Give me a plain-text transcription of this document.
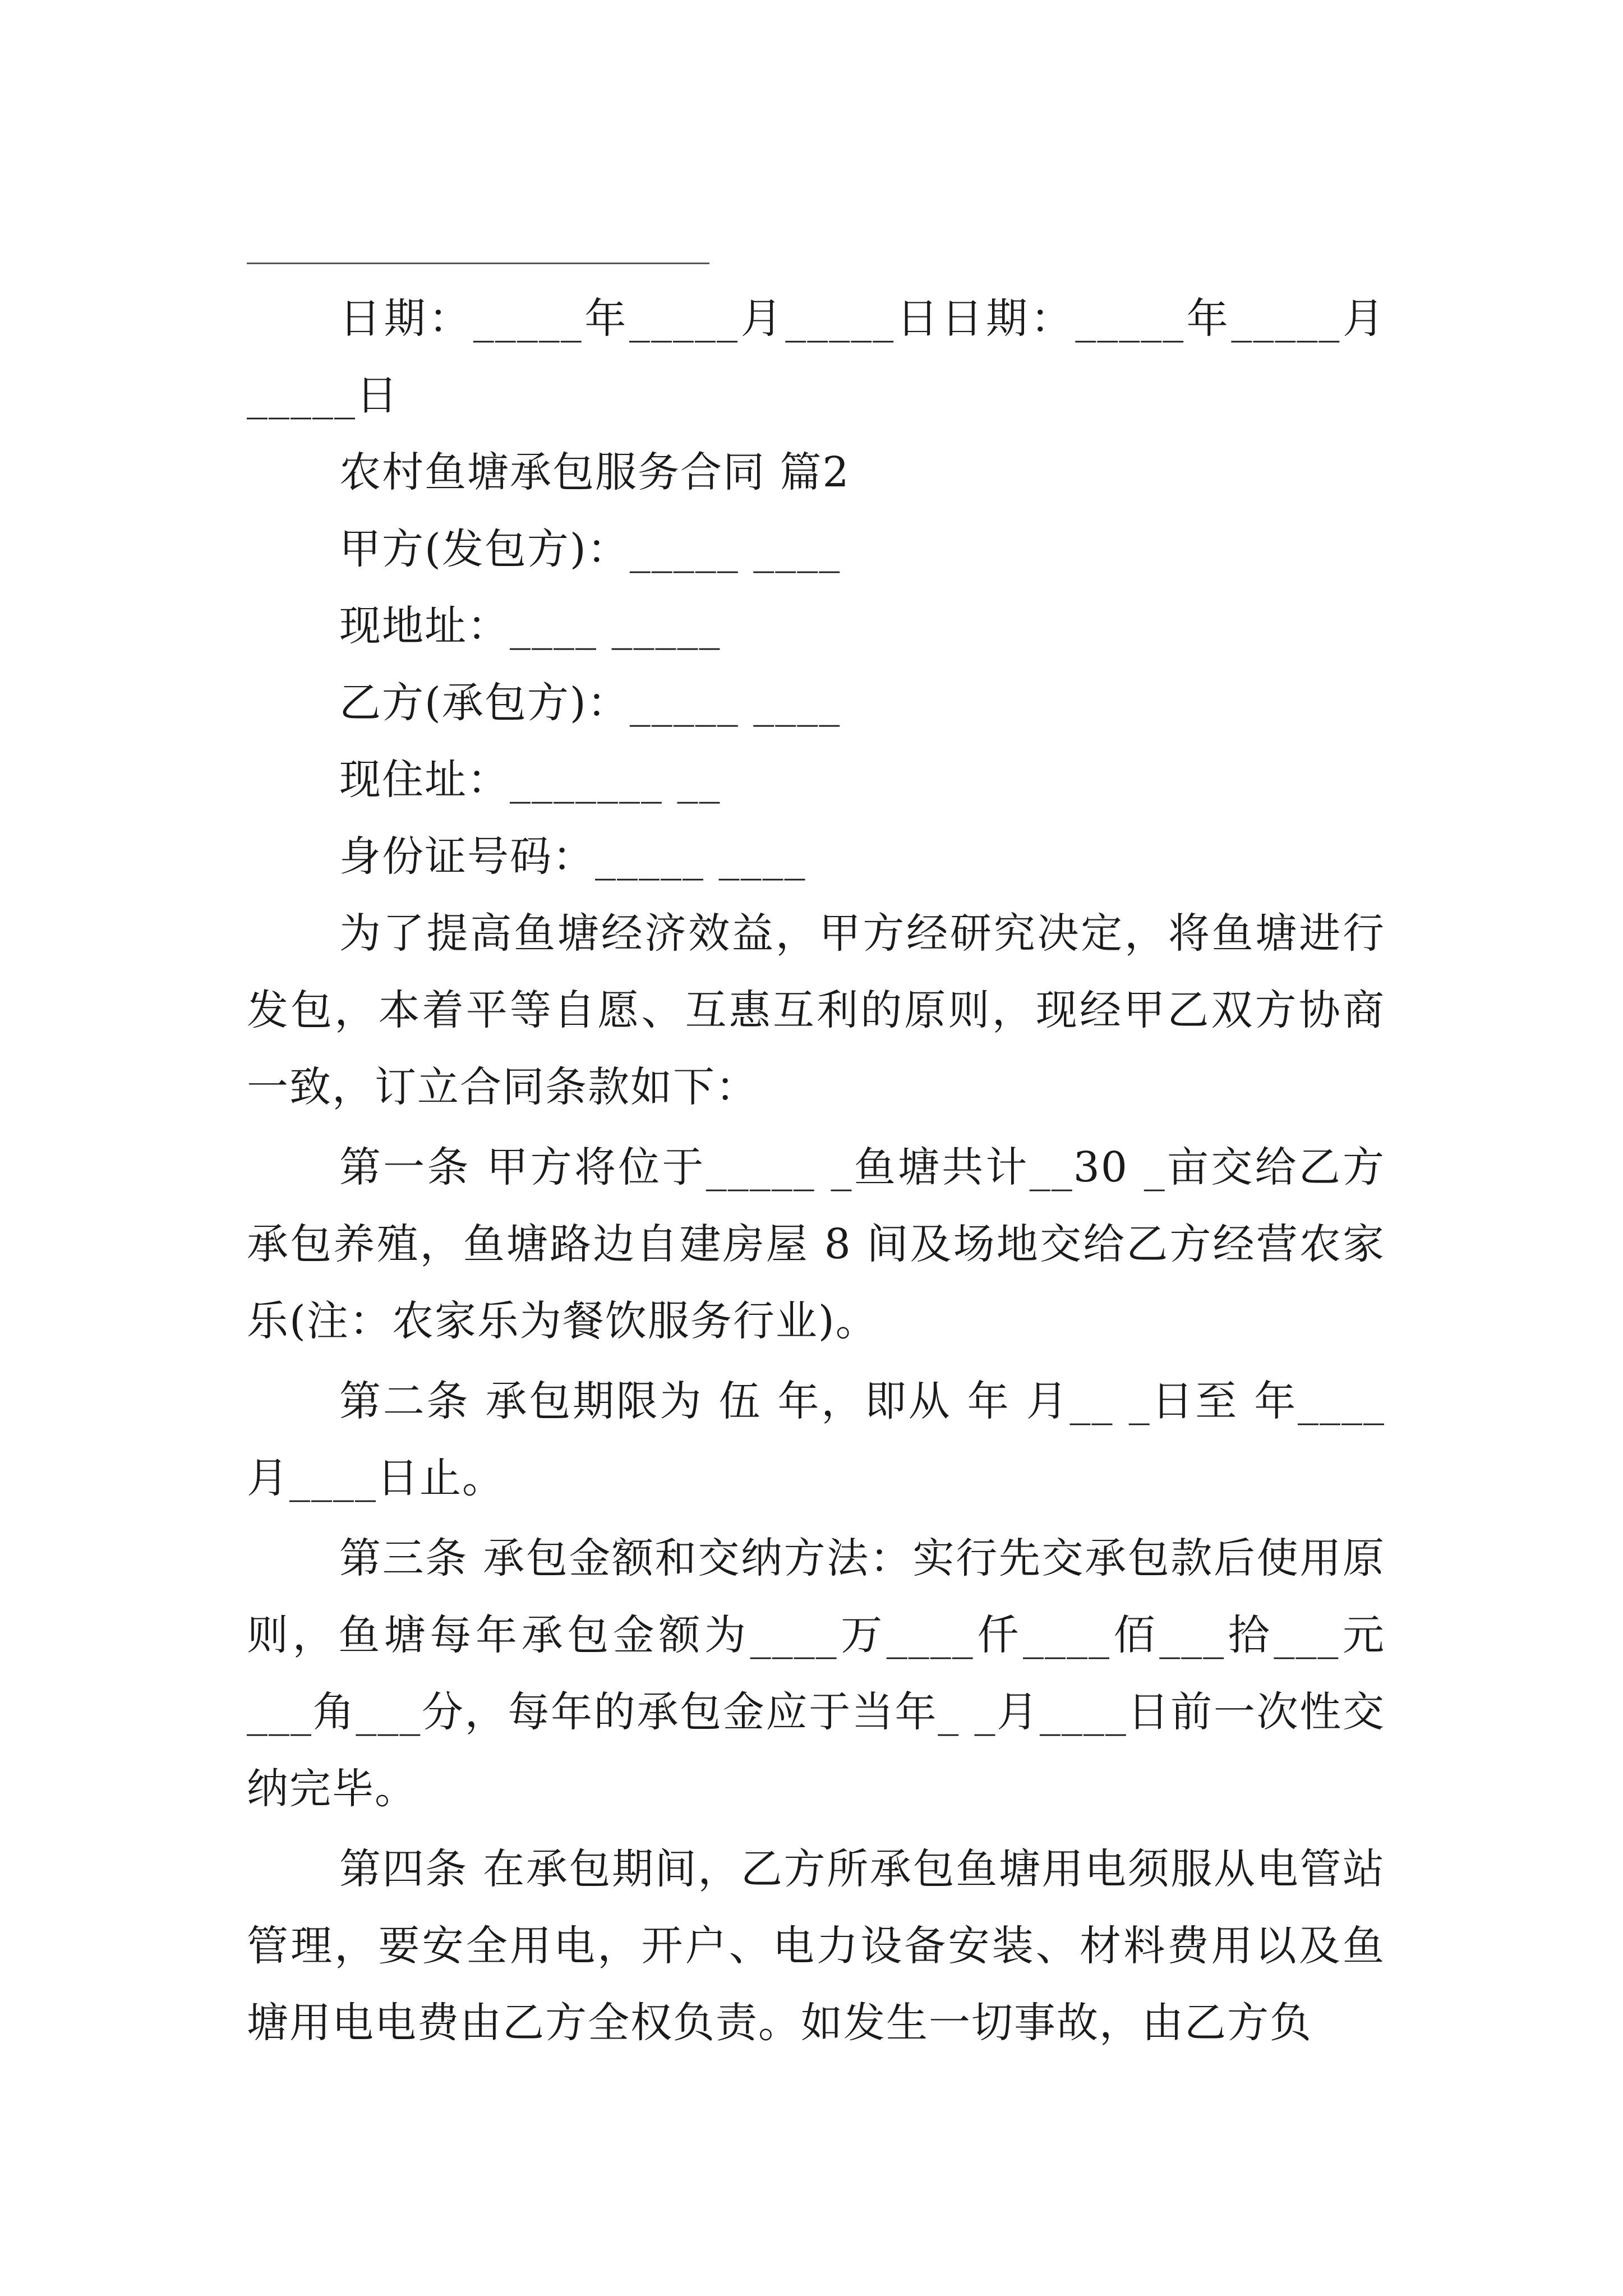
日期：_____年_____月_____日日期：_____年_____月_____日

农村鱼塘承包服务合同 篇2

甲方(发包方)：_____ ____

现地址：____ _____

乙方(承包方)：_____ ____

现住址：_______ __

身份证号码：_____ ____

为了提高鱼塘经济效益，甲方经研究决定，将鱼塘进行发包，本着平等自愿、互惠互利的原则，现经甲乙双方协商一致，订立合同条款如下：

第一条 甲方将位于_____ _鱼塘共计__30 _亩交给乙方承包养殖，鱼塘路边自建房屋 8 间及场地交给乙方经营农家乐(注：农家乐为餐饮服务行业)。

第二条 承包期限为 伍 年，即从 年 月__ _日至 年____月____日止。

第三条 承包金额和交纳方法：实行先交承包款后使用原则，鱼塘每年承包金额为____万____仟____佰___拾___元___角___分，每年的承包金应于当年_ _月____日前一次性交纳完毕。

第四条 在承包期间，乙方所承包鱼塘用电须服从电管站管理，要安全用电，开户、电力设备安装、材料费用以及鱼塘用电电费由乙方全权负责。如发生一切事故，由乙方负
